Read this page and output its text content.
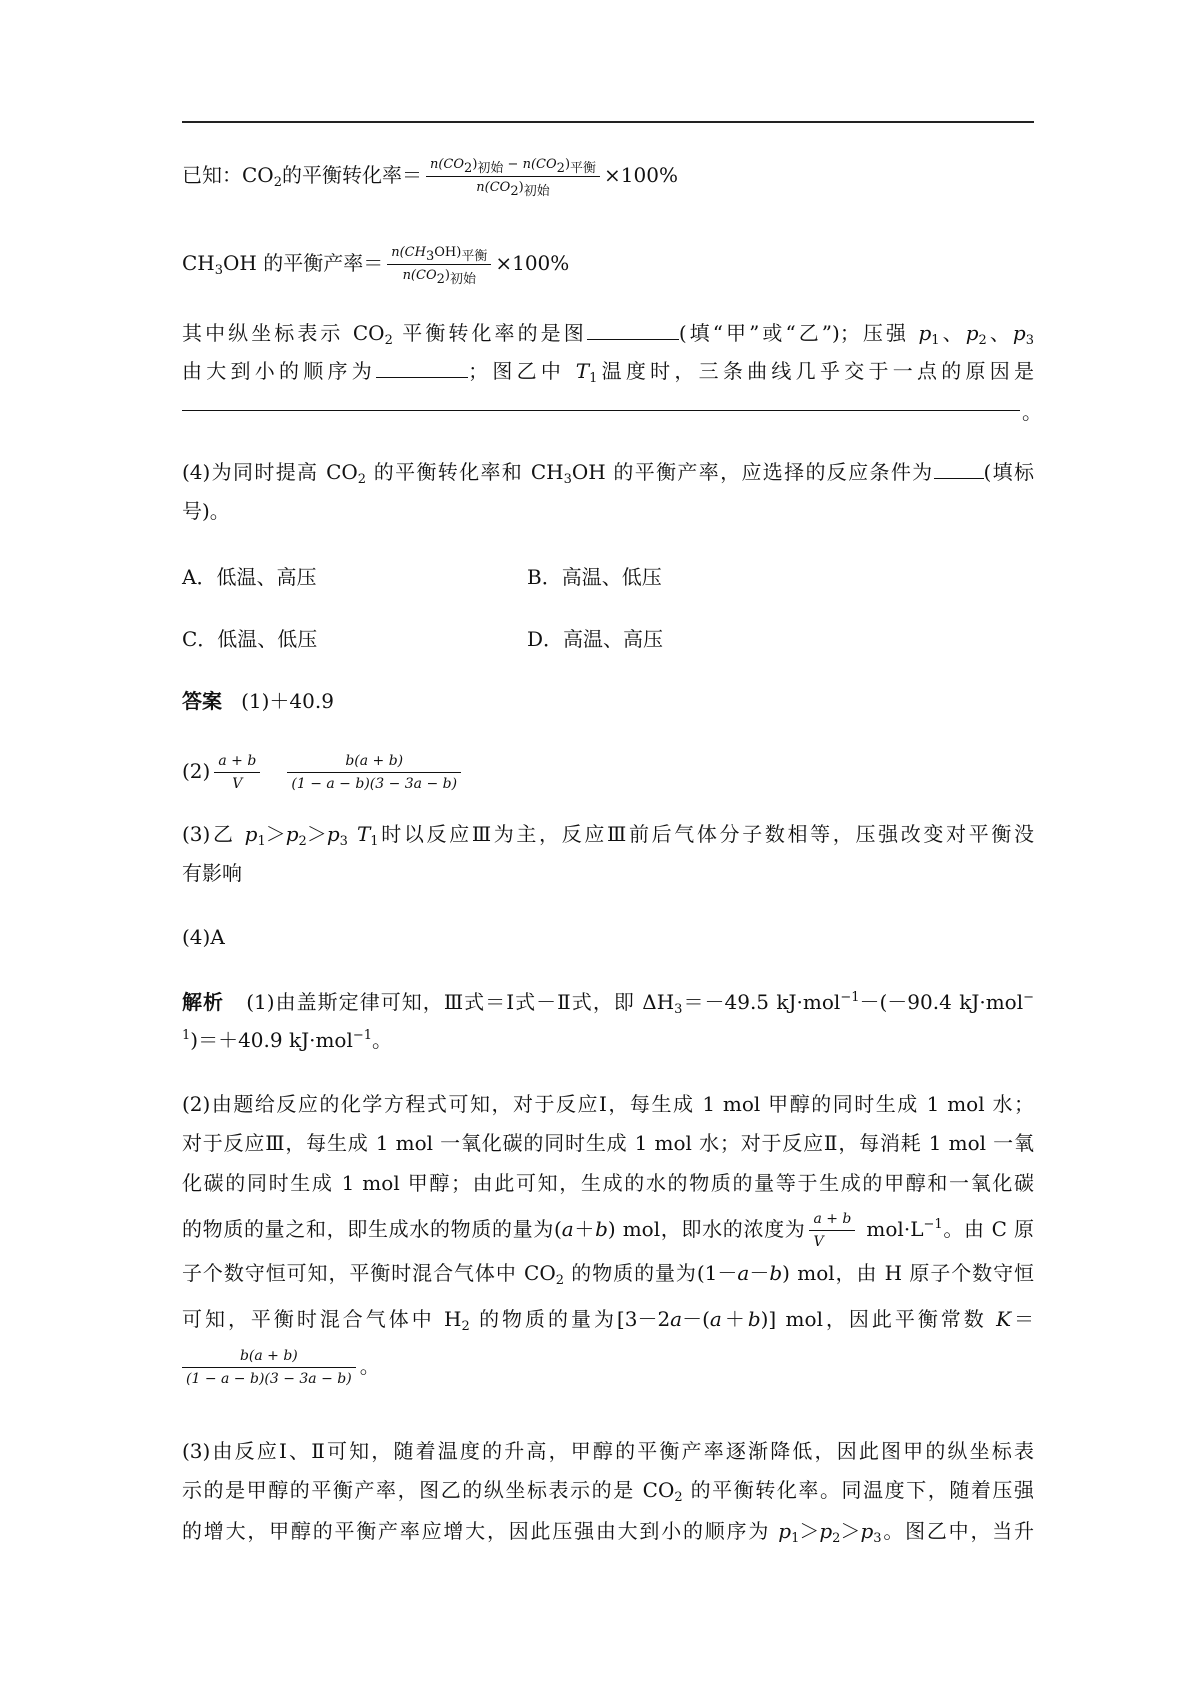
已知：$CO_2$的平衡转化率＝ $\frac{n(CO_2)_{初始} - n(CO_2)_{平衡}}{n(CO_2)_{初始}} \times 100\%$
$CH_3OH$ 的平衡产率＝ $\frac{n(CH_3OH)_{平衡}}{n(CO_2)_{初始}} \times 100\%$
其中纵坐标表示 $CO_2$ 平衡转化率的是图	(填“甲”或“乙”)；压强 $p_1$、$p_2$、$p_3$
由大到小的顺序为	；图乙中 $T_1$温度时，三条曲线几乎交于一点的原因是
。
(4)为同时提高 $CO_2$ 的平衡转化率和 $CH_3OH$ 的平衡产率，应选择的反应条件为	(填标
号)。
A．低温、高压	B．高温、低压
C．低温、低压	D．高温、高压
答案 (1)＋40.9
$(2) \frac{a + b}{V}$
$\frac{b(a + b)}{(1 - a - b)(3 - 3a - b)}$
(3)乙 $p_1>p_2>p_3$ $T_1$时以反应Ⅲ为主，反应Ⅲ前后气体分子数相等，压强改变对平衡没
有影响
(4)A
解析 (1)由盖斯定律可知，Ⅲ式＝Ⅰ式－Ⅱ式，即 $\Delta H_3=-49.5$ kJ·mol$^{-1}$－(－90.4 kJ·mol−
$^1$)＝＋40.9 kJ·mol$^{-1}$。
(2)由题给反应的化学方程式可知，对于反应Ⅰ，每生成 1 mol 甲醇的同时生成 1 mol 水；
对于反应Ⅲ，每生成 1 mol 一氧化碳的同时生成 1 mol 水；对于反应Ⅱ，每消耗 1 mol 一氧
化碳的同时生成 1 mol 甲醇；由此可知，生成的水的物质的量等于生成的甲醇和一氧化碳
的物质的量之和，即生成水的物质的量为(a＋b) mol，即水的浓度为 $\frac{a + b}{V} mol\cdot L^{-1}$。由 C 原
子个数守恒可知，平衡时混合气体中 $CO_2$ 的物质的量为(1－a－b) mol，由 H 原子个数守恒
可知，平衡时混合气体中 $H_2$ 的物质的量为[3－2a－(a＋b)] mol，因此平衡常数 K＝
$\frac{b(a + b)}{(1 - a - b)(3 - 3a - b)}$ 。
(3)由反应Ⅰ、Ⅱ可知，随着温度的升高，甲醇的平衡产率逐渐降低，因此图甲的纵坐标表
示的是甲醇的平衡产率，图乙的纵坐标表示的是 $CO_2$ 的平衡转化率。同温度下，随着压强
的增大，甲醇的平衡产率应增大，因此压强由大到小的顺序为 $p_1>p_2>p_3$。图乙中，当升
